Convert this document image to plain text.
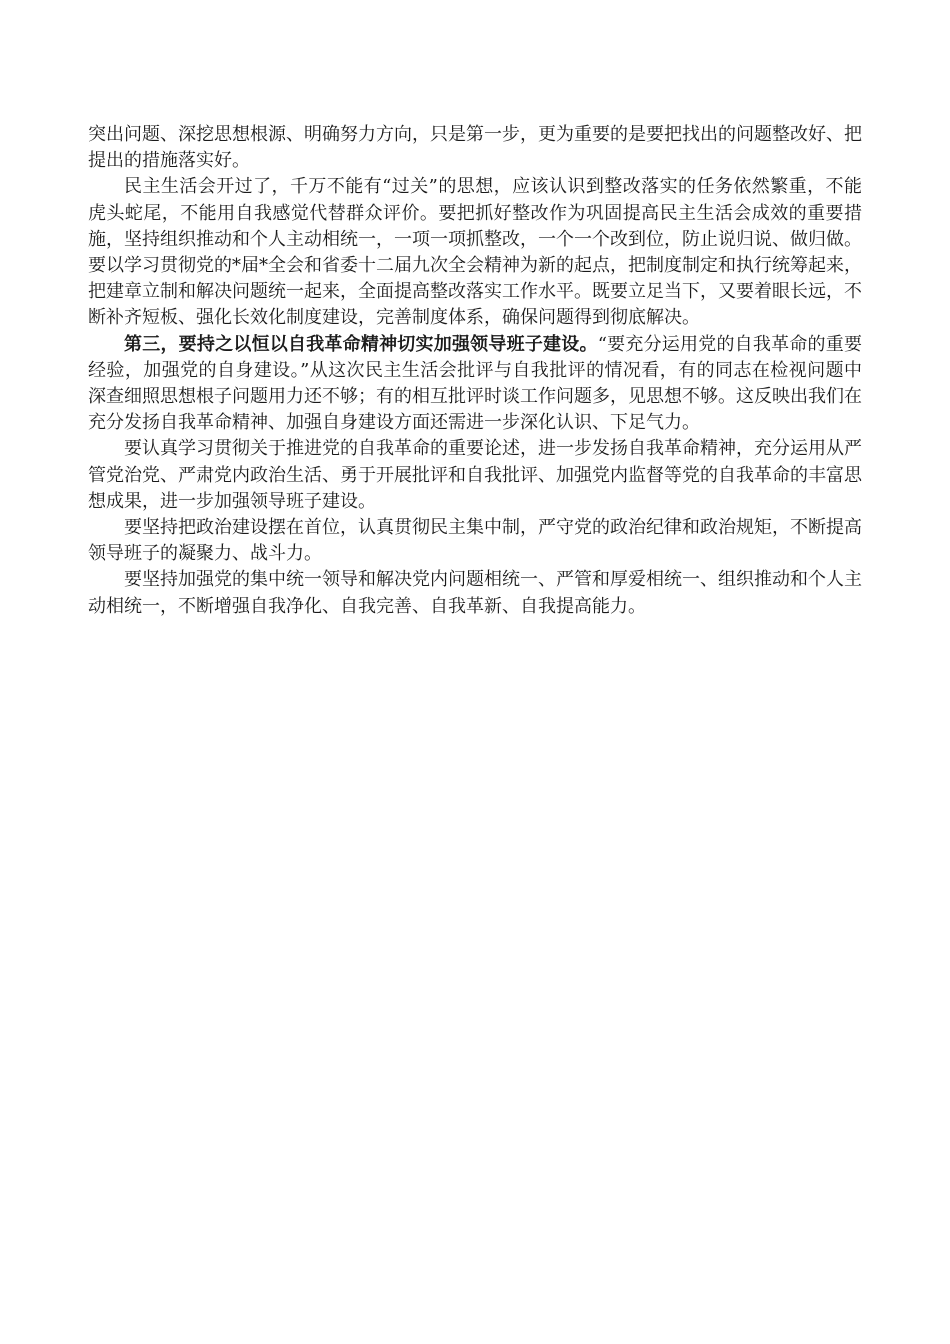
突出问题、深挖思想根源、明确努力方向，只是第一步，更为重要的是要把找出的问题整改好、把提出的措施落实好。

民主生活会开过了，千万不能有“过关”的思想，应该认识到整改落实的任务依然繁重，不能虎头蛇尾，不能用自我感觉代替群众评价。要把抓好整改作为巩固提高民主生活会成效的重要措施，坚持组织推动和个人主动相统一，一项一项抓整改，一个一个改到位，防止说归说、做归做。要以学习贯彻党的*届*全会和省委十二届九次全会精神为新的起点，把制度制定和执行统筹起来，把建章立制和解决问题统一起来，全面提高整改落实工作水平。既要立足当下，又要着眼长远，不断补齐短板、强化长效化制度建设，完善制度体系，确保问题得到彻底解决。

第三，要持之以恒以自我革命精神切实加强领导班子建设。“要充分运用党的自我革命的重要经验，加强党的自身建设。”从这次民主生活会批评与自我批评的情况看，有的同志在检视问题中深查细照思想根子问题用力还不够；有的相互批评时谈工作问题多，见思想不够。这反映出我们在充分发扬自我革命精神、加强自身建设方面还需进一步深化认识、下足气力。

要认真学习贯彻关于推进党的自我革命的重要论述，进一步发扬自我革命精神，充分运用从严管党治党、严肃党内政治生活、勇于开展批评和自我批评、加强党内监督等党的自我革命的丰富思想成果，进一步加强领导班子建设。

要坚持把政治建设摆在首位，认真贯彻民主集中制，严守党的政治纪律和政治规矩，不断提高领导班子的凝聚力、战斗力。

要坚持加强党的集中统一领导和解决党内问题相统一、严管和厚爱相统一、组织推动和个人主动相统一，不断增强自我净化、自我完善、自我革新、自我提高能力。
